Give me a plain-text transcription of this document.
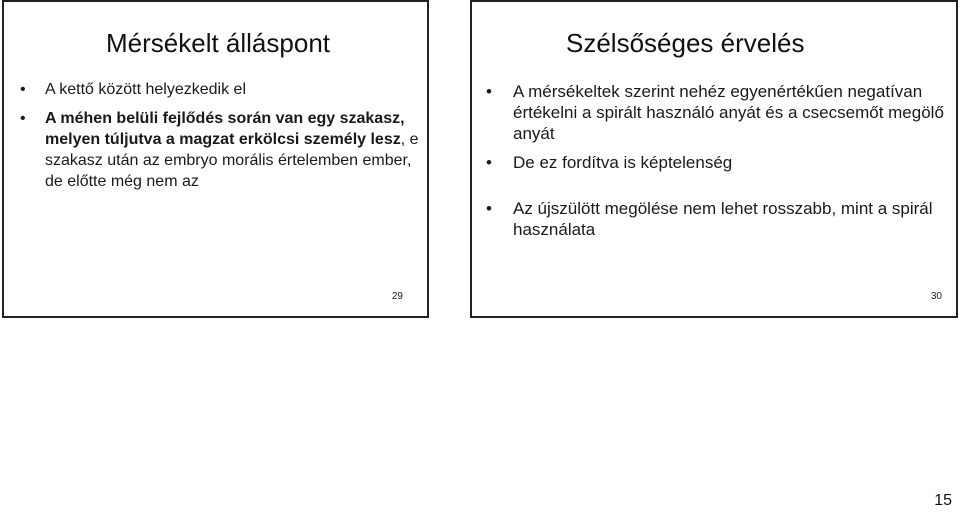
Mérsékelt álláspont
• A kettő között helyezkedik el
• A méhen belüli fejlődés során van egy szakasz, melyen túljutva a magzat erkölcsi személy lesz, e szakasz után az embryo morális értelemben ember, de előtte még nem az
29
Szélsőséges érvelés
• A mérsékeltek szerint nehéz egyenértékűen negatívan értékelni a spirált használó anyát és a csecsemőt megölő anyát
• De ez fordítva is képtelenség
• Az újszülött megölése nem lehet rosszabb, mint a spirál használata
30
15
